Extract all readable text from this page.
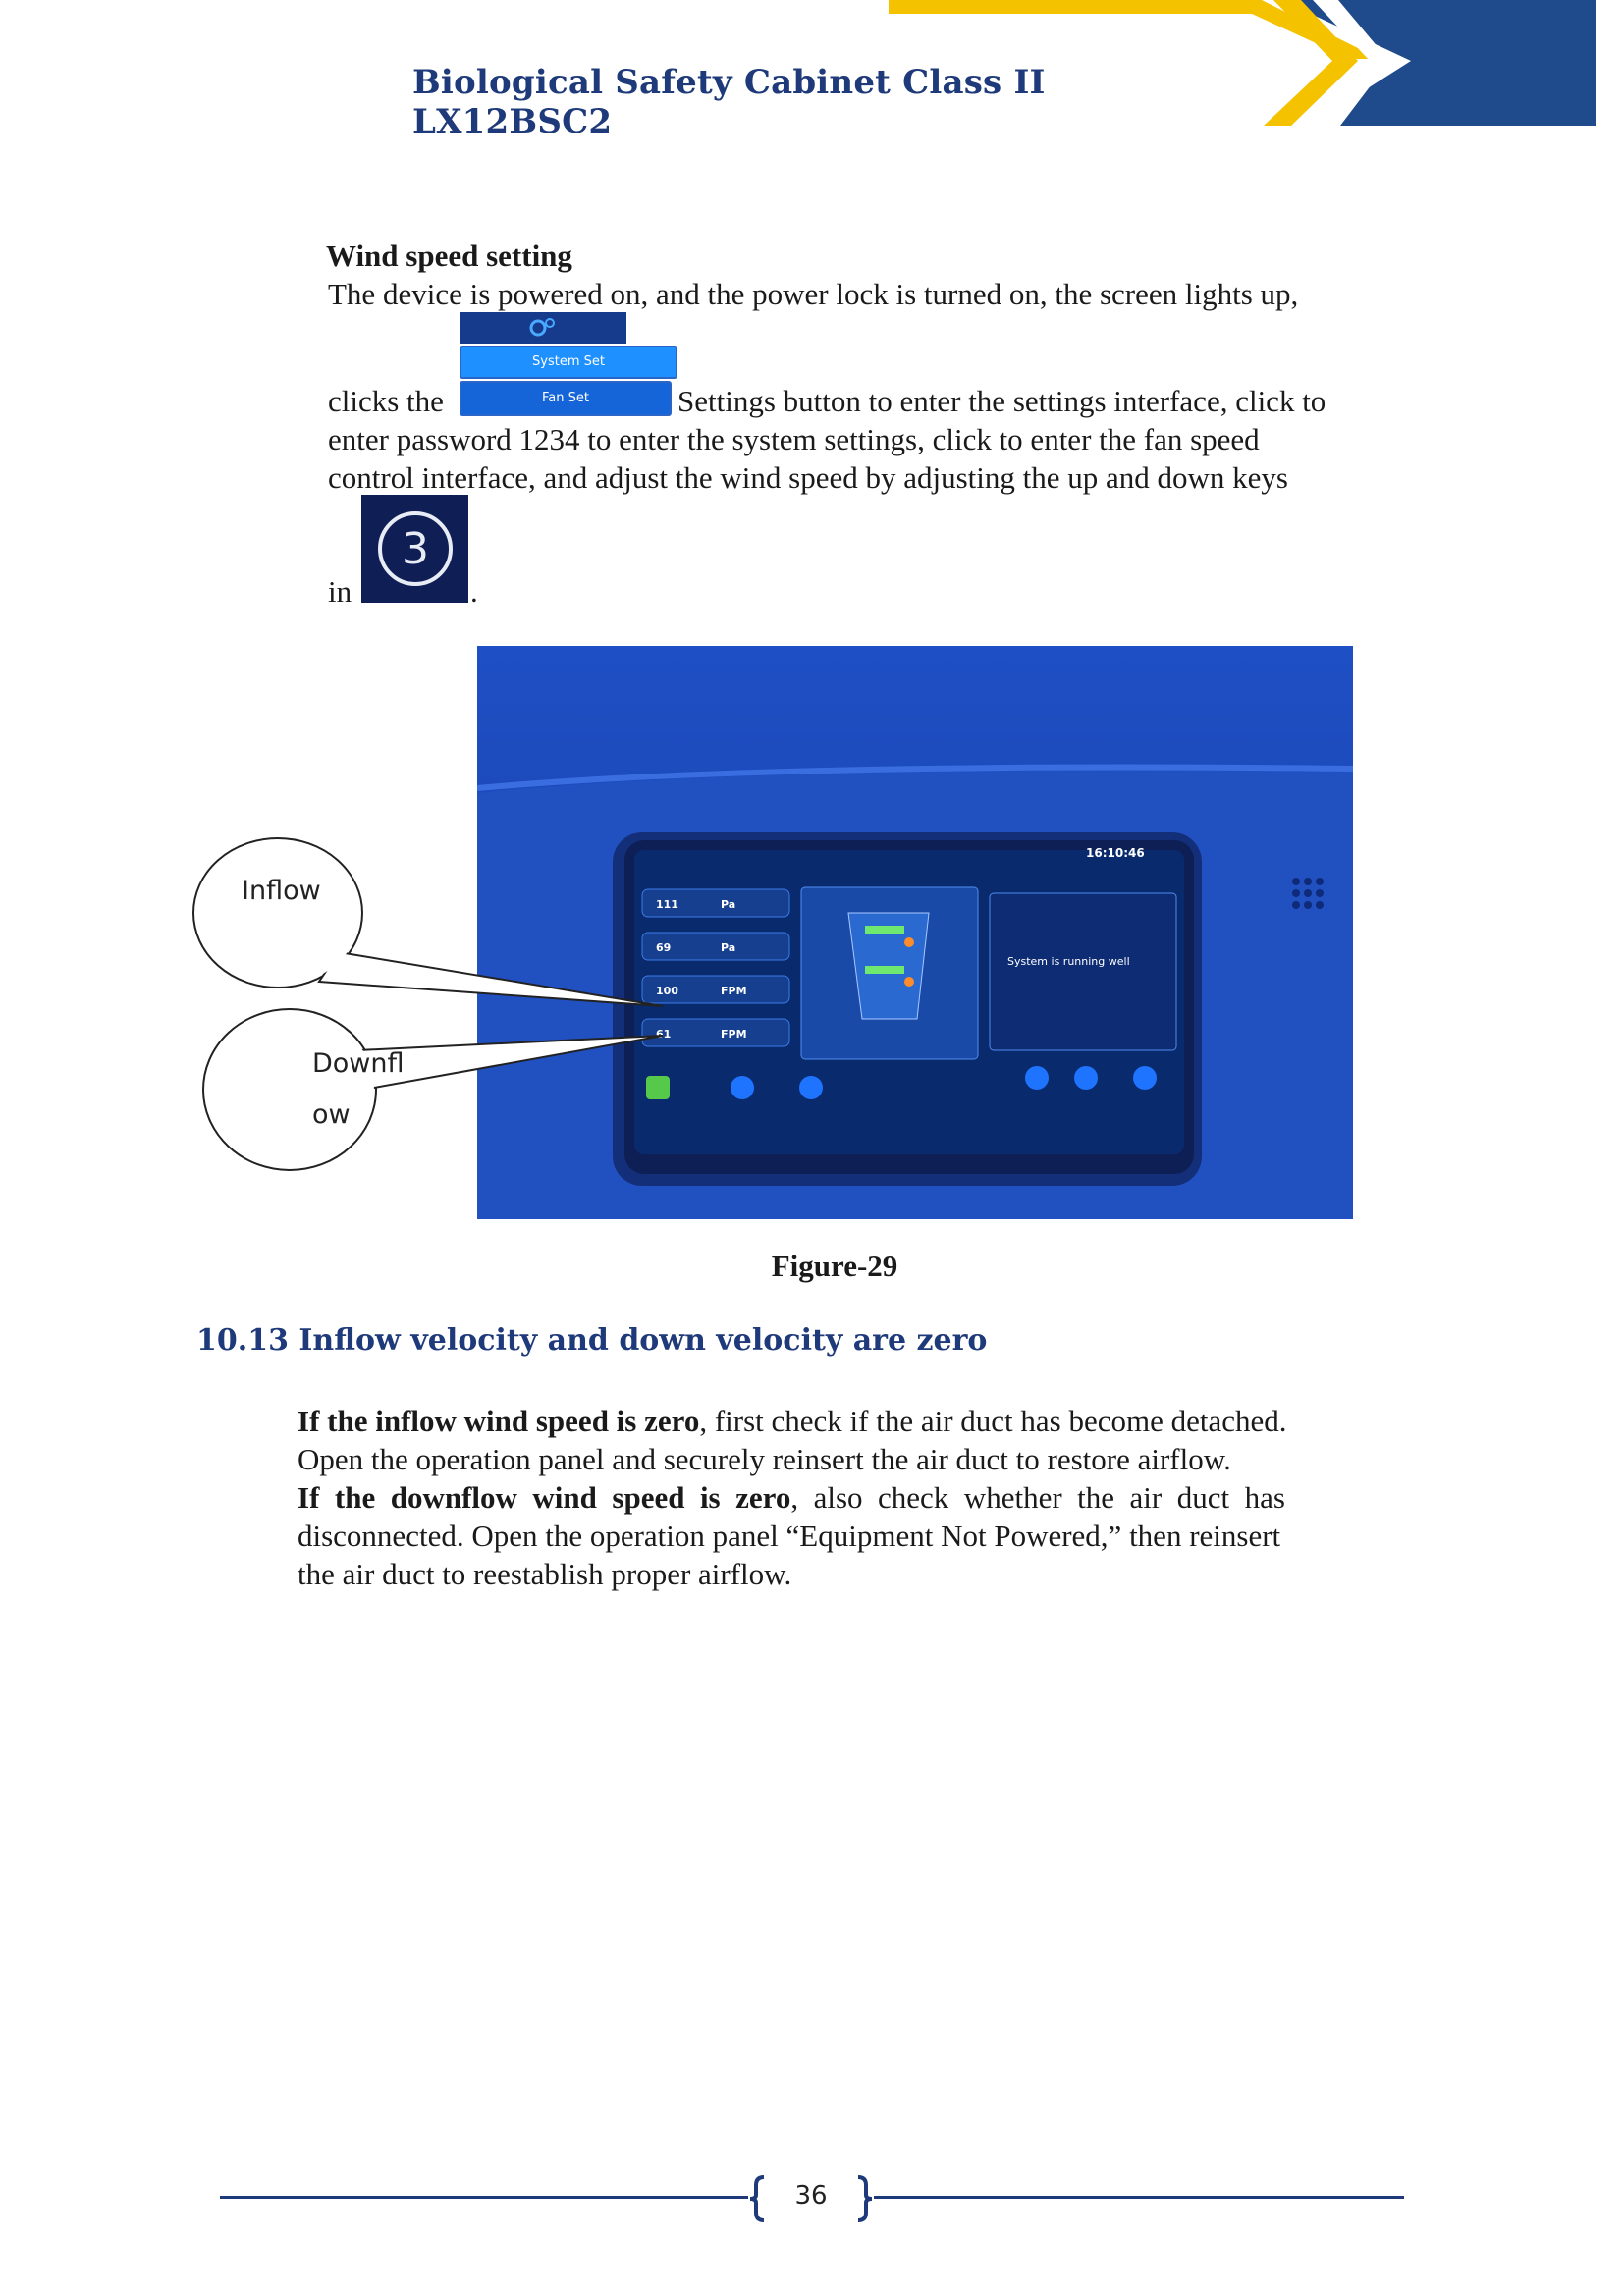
Biological Safety Cabinet Class II LX12BSC2
Wind speed setting
The device is powered on, and the power lock is turned on, the screen lights up,
System Set
Fan Set
clicks the	Settings button to enter the settings interface, click to
enter password 1234 to enter the system settings, click to enter the fan speed
control interface, and adjust the wind speed by adjusting the up and down keys
in
3
.
16:10:46
111	Pa
69	Pa
100	FPM
61	FPM
System is running well
Inflow
Downfl
ow
Figure-29
10.13 Inflow velocity and down velocity are zero
If the inflow wind speed is zero, first check if the air duct has become detached.
Open the operation panel and securely reinsert the air duct to restore airflow.
If  the  downflow  wind  speed  is  zero,  also  check  whether  the  air  duct  has
disconnected. Open the operation panel “Equipment Not Powered,” then reinsert
the air duct to reestablish proper airflow.
36
